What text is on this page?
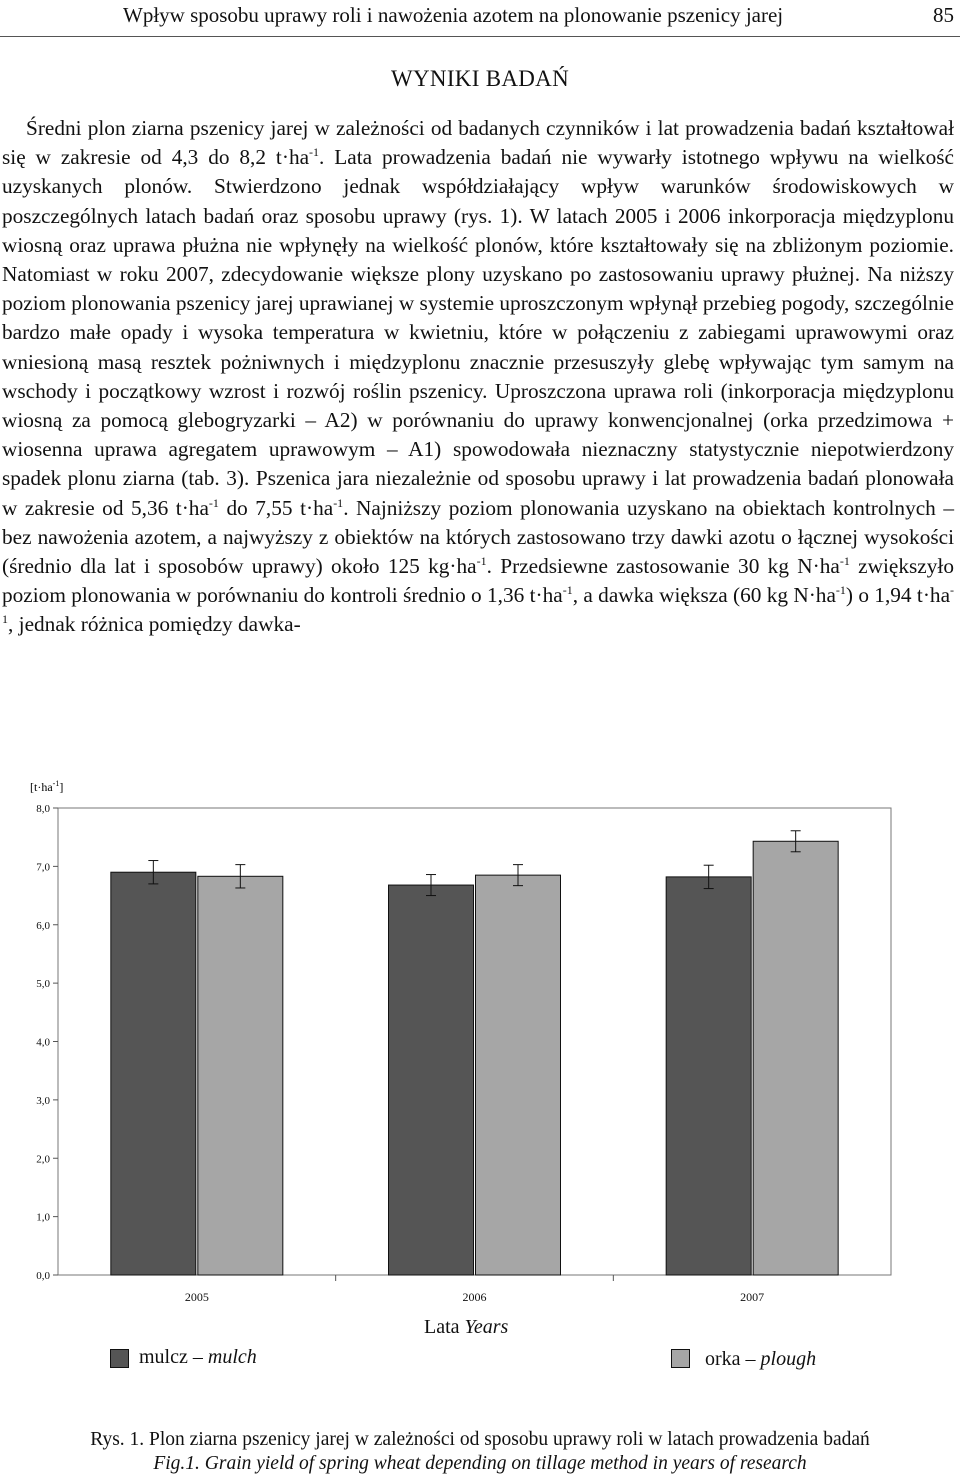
Wpływ sposobu uprawy roli i nawożenia azotem na plonowanie pszenicy jarej	85
WYNIKI BADAŃ
Średni plon ziarna pszenicy jarej w zależności od badanych czynników i lat prowadzenia badań kształtował się w zakresie od 4,3 do 8,2 $t\cdot ha^{-1}$. Lata prowadzenia badań nie wywarły istotnego wpływu na wielkość uzyskanych plonów. Stwierdzono jednak współdziałający wpływ warunków środowiskowych w poszczególnych latach badań oraz sposobu uprawy (rys. 1). W latach 2005 i 2006 inkorporacja międzyplonu wiosną oraz uprawa płużna nie wpłynęły na wielkość plonów, które kształtowały się na zbliżonym poziomie. Natomiast w roku 2007, zdecydowanie większe plony uzyskano po zastosowaniu uprawy płużnej. Na niższy poziom plonowania pszenicy jarej uprawianej w systemie uproszczonym wpłynął przebieg pogody, szczególnie bardzo małe opady i wysoka temperatura w kwietniu, które w połączeniu z zabiegami uprawowymi oraz wniesioną masą resztek pożniwnych i międzyplonu znacznie przesuszyły glebę wpływając tym samym na wschody i początkowy wzrost i rozwój roślin pszenicy. Uproszczona uprawa roli (inkorporacja międzyplonu wiosną za pomocą glebogryzarki – A2) w porównaniu do uprawy konwencjonalnej (orka przedzimowa + wiosenna uprawa agregatem uprawowym – A1) spowodowała nieznaczny statystycznie niepotwierdzony spadek plonu ziarna (tab. 3). Pszenica jara niezależnie od sposobu uprawy i lat prowadzenia badań plonowała w zakresie od 5,36 $t\cdot ha^{-1}$ do 7,55 $t\cdot ha^{-1}$. Najniższy poziom plonowania uzyskano na obiektach kontrolnych – bez nawożenia azotem, a najwyższy z obiektów na których zastosowano trzy dawki azotu o łącznej wysokości (średnio dla lat i sposobów uprawy) około 125 $kg\cdot ha^{-1}$. Przedsiewne zastosowanie 30 kg $N\cdot ha^{-1}$ zwiększyło poziom plonowania w porównaniu do kontroli średnio o 1,36 $t\cdot ha^{-1}$, a dawka większa (60 kg $N\cdot ha^{-1}$) o 1,94 $t\cdot ha^{-1}$, jednak różnica pomiędzy dawka-
$[t\cdot ha^{-1}]$
0,0
1,0
2,0
3,0
4,0
5,0
6,0
7,0
8,0
2005	2006	2007
Lata Years
mulcz – mulch	orka – plough
Rys. 1. Plon ziarna pszenicy jarej w zależności od sposobu uprawy roli w latach prowadzenia badań
Fig.1. Grain yield of spring wheat depending on tillage method in years of research
